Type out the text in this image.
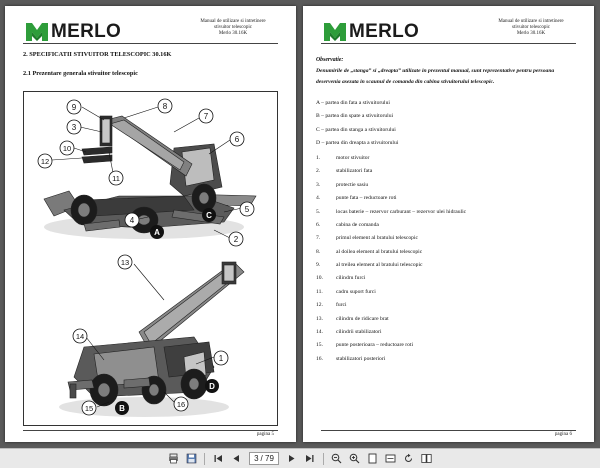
MERLO	Manual de utilizare si intretinere
stivuitor telescopic
Merlo 30.16K
2. SPECIFICATII STIVUITOR TELESCOPIC 30.16K
2.1 Prezentare generala stivuitor telescopic
9	8
7
6
3
10
12
11
5
4
2
A
C
13
14
1
15	16
B
D
pagina 5
MERLO	Manual de utilizare si intretinere
stivuitor telescopic
Merlo 30.16K
Observatie:
Denumirile de „stanga” si „dreapta” utilizate in prezentul manual, sunt reprezentative pentru persoana deservenia asezata in scaunul de comanda din cabina stivuitorului telescopic.
A – partea din fata a stivuitorului
B – partea din spate a stivuitorului
C – partea din stanga a stivuitorului
D – partea din dreapta a stivuitorului
1.	motor stivuitor
2.	stabilizatori fata
3.	protectie sasiu
4.	punte fata – reductoare roti
5.	locas baterie – rezervor carburant – rezervor ulei hidraulic
6.	cabina de comanda
7.	primul element al bratului telescopic
8.	al doilea element al bratului telescopic
9.	al treilea element al bratului telescopic
10.	cilindru furci
11.	cadru suport furci
12.	furci
13.	cilindru de ridicare brat
14.	cilindrii stabilizatori
15.	punte posterioara – reductoare roti
16.	stabilizatori posteriori
pagina 6
3 / 79
